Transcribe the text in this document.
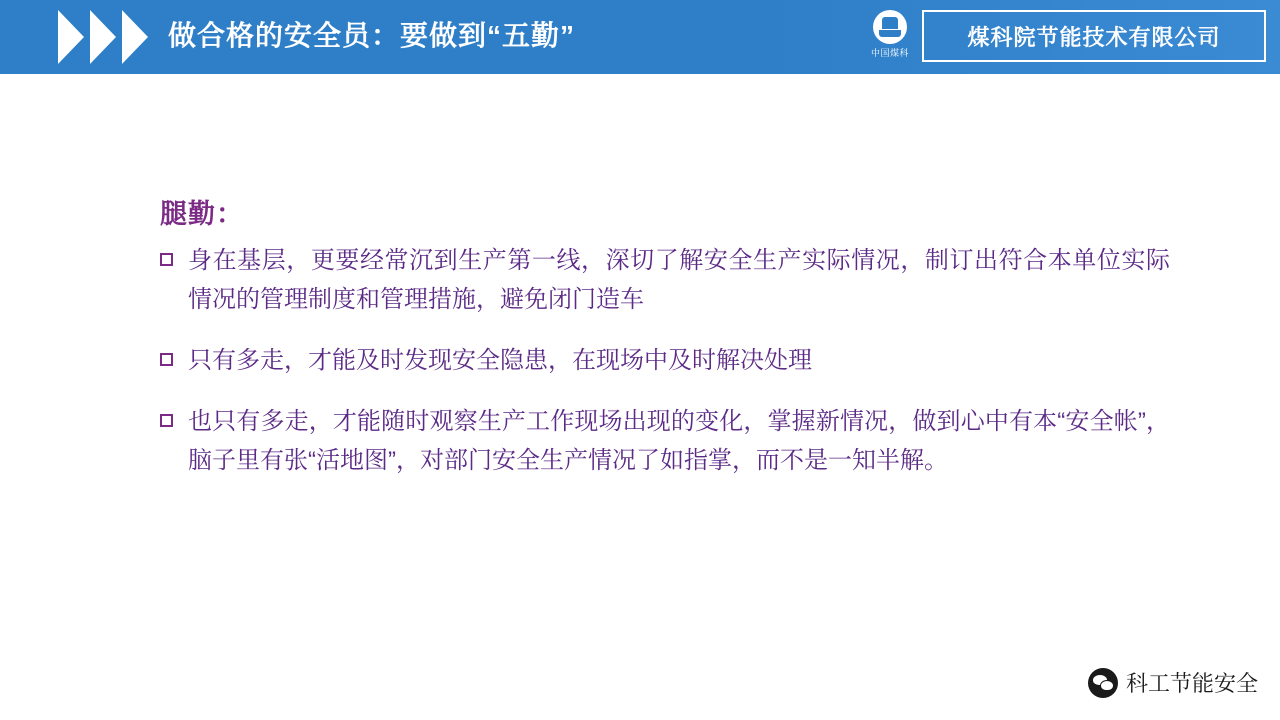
做合格的安全员：要做到“五勤”
中国煤科
煤科院节能技术有限公司
腿勤：
身在基层，更要经常沉到生产第一线，深切了解安全生产实际情况，制订出符合本单位实际情况的管理制度和管理措施，避免闭门造车
只有多走，才能及时发现安全隐患，在现场中及时解决处理
也只有多走，才能随时观察生产工作现场出现的变化，掌握新情况，做到心中有本“安全帐”，脑子里有张“活地图”，对部门安全生产情况了如指掌，而不是一知半解。
科工节能安全
